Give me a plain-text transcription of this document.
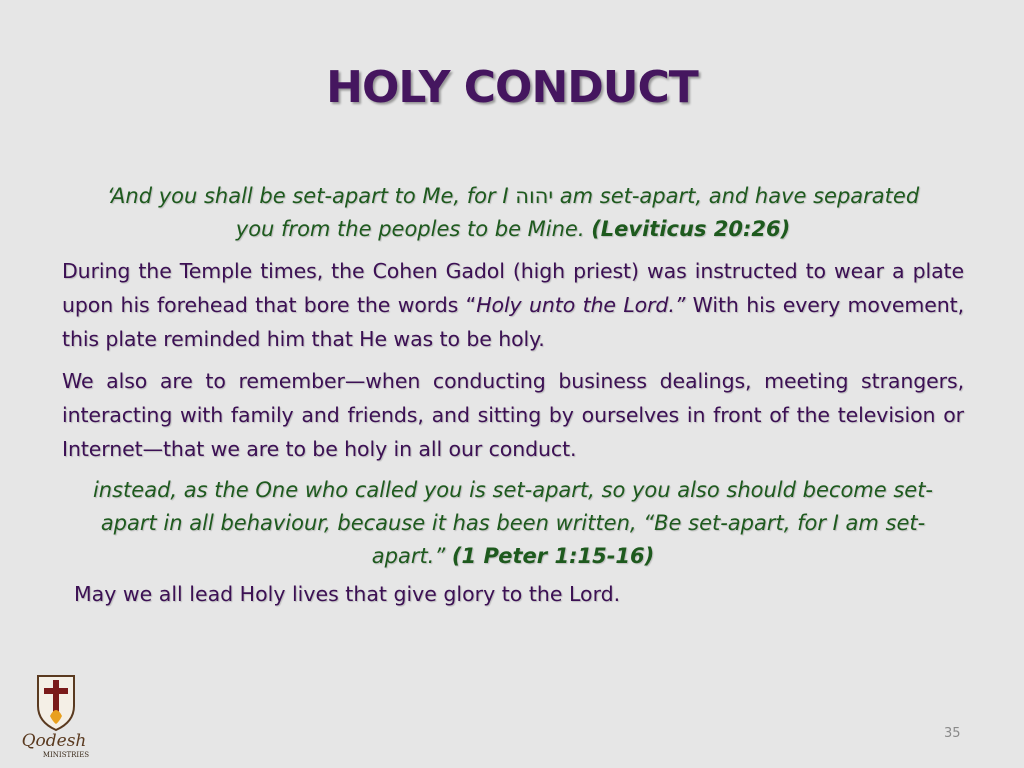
HOLY CONDUCT

‘And you shall be set-apart to Me, for I יהוה am set-apart, and have separated you from the peoples to be Mine. (Leviticus 20:26)

During the Temple times, the Cohen Gadol (high priest) was instructed to wear a plate upon his forehead that bore the words “Holy unto the Lord.” With his every movement, this plate reminded him that He was to be holy.

We also are to remember—when conducting business dealings, meeting strangers, interacting with family and friends, and sitting by ourselves in front of the television or Internet—that we are to be holy in all our conduct.

instead, as the One who called you is set-apart, so you also should become set-apart in all behaviour, because it has been written, “Be set-apart, for I am set-apart.” (1 Peter 1:15-16)

May we all lead Holy lives that give glory to the Lord.

Qodesh
MINISTRIES
35
